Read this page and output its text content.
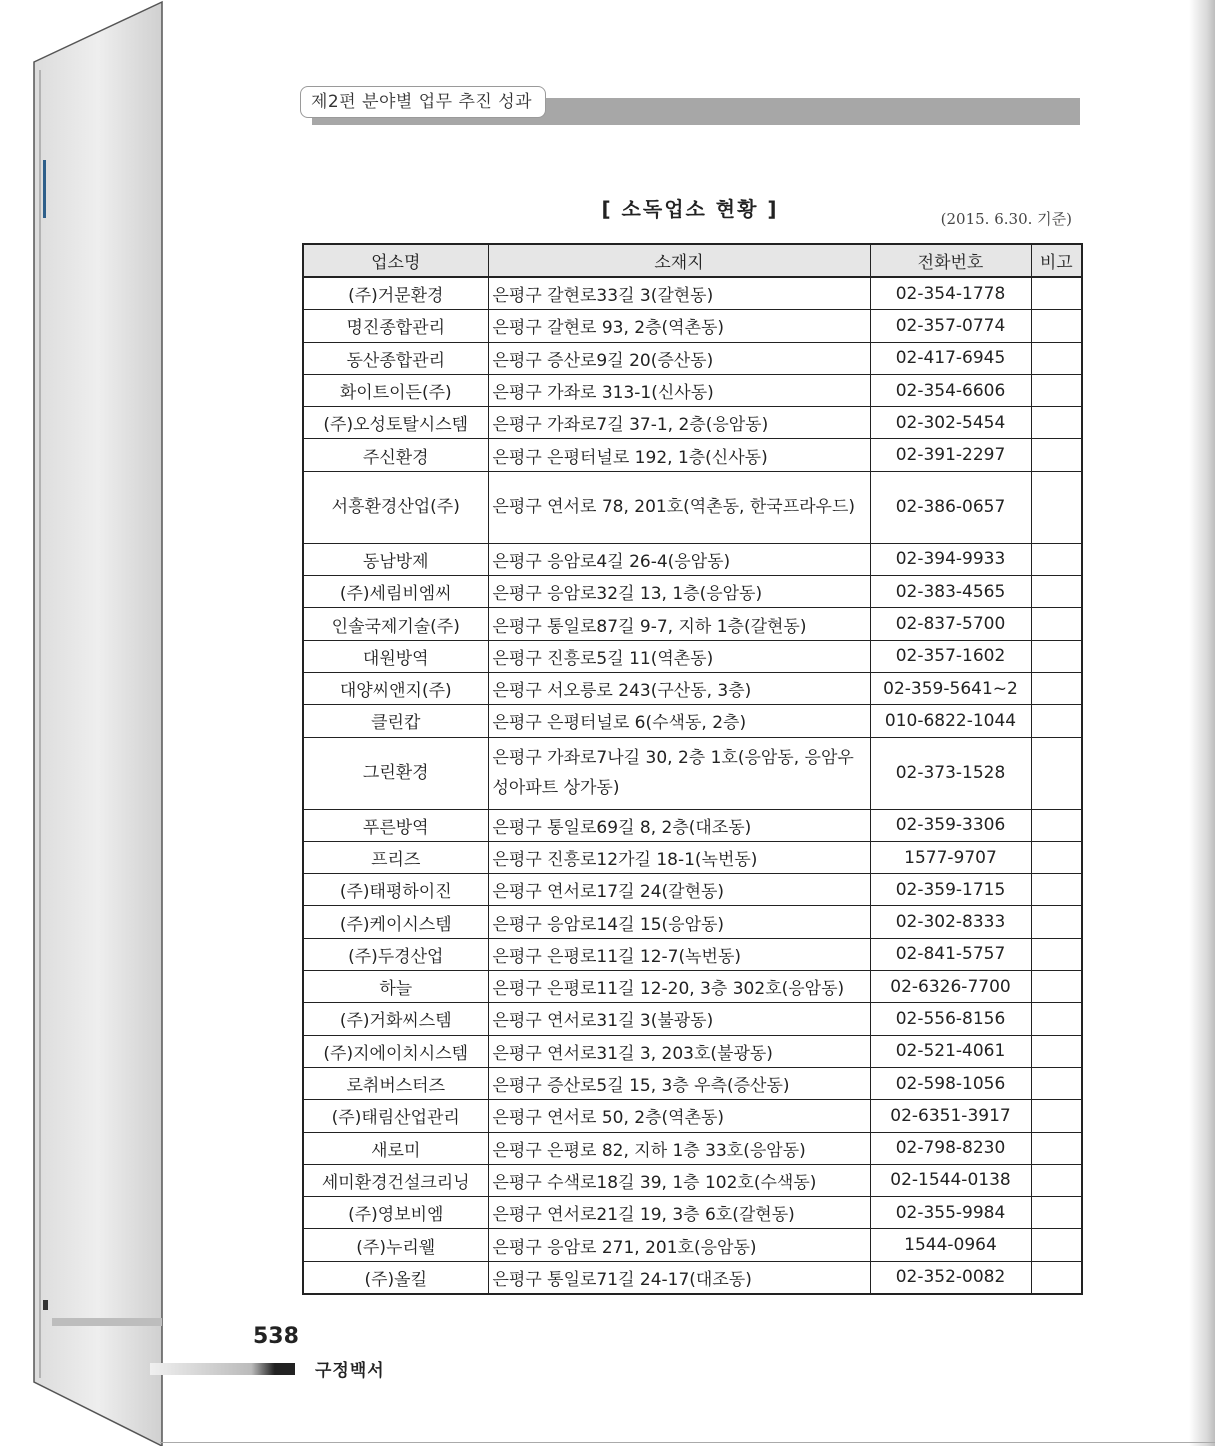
제2편 분야별 업무 추진 성과
[ 소독업소 현황 ]	(2015. 6.30. 기준)
업소명	소재지	전화번호	비고
(주)거문환경	은평구 갈현로33길 3(갈현동)	02-354-1778	
명진종합관리	은평구 갈현로 93, 2층(역촌동)	02-357-0774	
동산종합관리	은평구 증산로9길 20(증산동)	02-417-6945	
화이트이든(주)	은평구 가좌로 313-1(신사동)	02-354-6606	
(주)오성토탈시스템	은평구 가좌로7길 37-1, 2층(응암동)	02-302-5454	
주신환경	은평구 은평터널로 192, 1층(신사동)	02-391-2297	
서흥환경산업(주)	은평구 연서로 78, 201호(역촌동, 한국프라우드)	02-386-0657	
동남방제	은평구 응암로4길 26-4(응암동)	02-394-9933	
(주)세림비엠씨	은평구 응암로32길 13, 1층(응암동)	02-383-4565	
인솔국제기술(주)	은평구 통일로87길 9-7, 지하 1층(갈현동)	02-837-5700	
대원방역	은평구 진흥로5길 11(역촌동)	02-357-1602	
대양씨앤지(주)	은평구 서오릉로 243(구산동, 3층)	02-359-5641~2	
클린캅	은평구 은평터널로 6(수색동, 2층)	010-6822-1044	
그린환경	은평구 가좌로7나길 30, 2층 1호(응암동, 응암우성아파트 상가동)	02-373-1528	
푸른방역	은평구 통일로69길 8, 2층(대조동)	02-359-3306	
프리즈	은평구 진흥로12가길 18-1(녹번동)	1577-9707	
(주)태평하이진	은평구 연서로17길 24(갈현동)	02-359-1715	
(주)케이시스템	은평구 응암로14길 15(응암동)	02-302-8333	
(주)두경산업	은평구 은평로11길 12-7(녹번동)	02-841-5757	
하늘	은평구 은평로11길 12-20, 3층 302호(응암동)	02-6326-7700	
(주)거화씨스템	은평구 연서로31길 3(불광동)	02-556-8156	
(주)지에이치시스템	은평구 연서로31길 3, 203호(불광동)	02-521-4061	
로취버스터즈	은평구 증산로5길 15, 3층 우측(증산동)	02-598-1056	
(주)태림산업관리	은평구 연서로 50, 2층(역촌동)	02-6351-3917	
새로미	은평구 은평로 82, 지하 1층 33호(응암동)	02-798-8230	
세미환경건설크리닝	은평구 수색로18길 39, 1층 102호(수색동)	02-1544-0138	
(주)영보비엠	은평구 연서로21길 19, 3층 6호(갈현동)	02-355-9984	
(주)누리웰	은평구 응암로 271, 201호(응암동)	1544-0964	
(주)올킬	은평구 통일로71길 24-17(대조동)	02-352-0082	
538
구정백서
